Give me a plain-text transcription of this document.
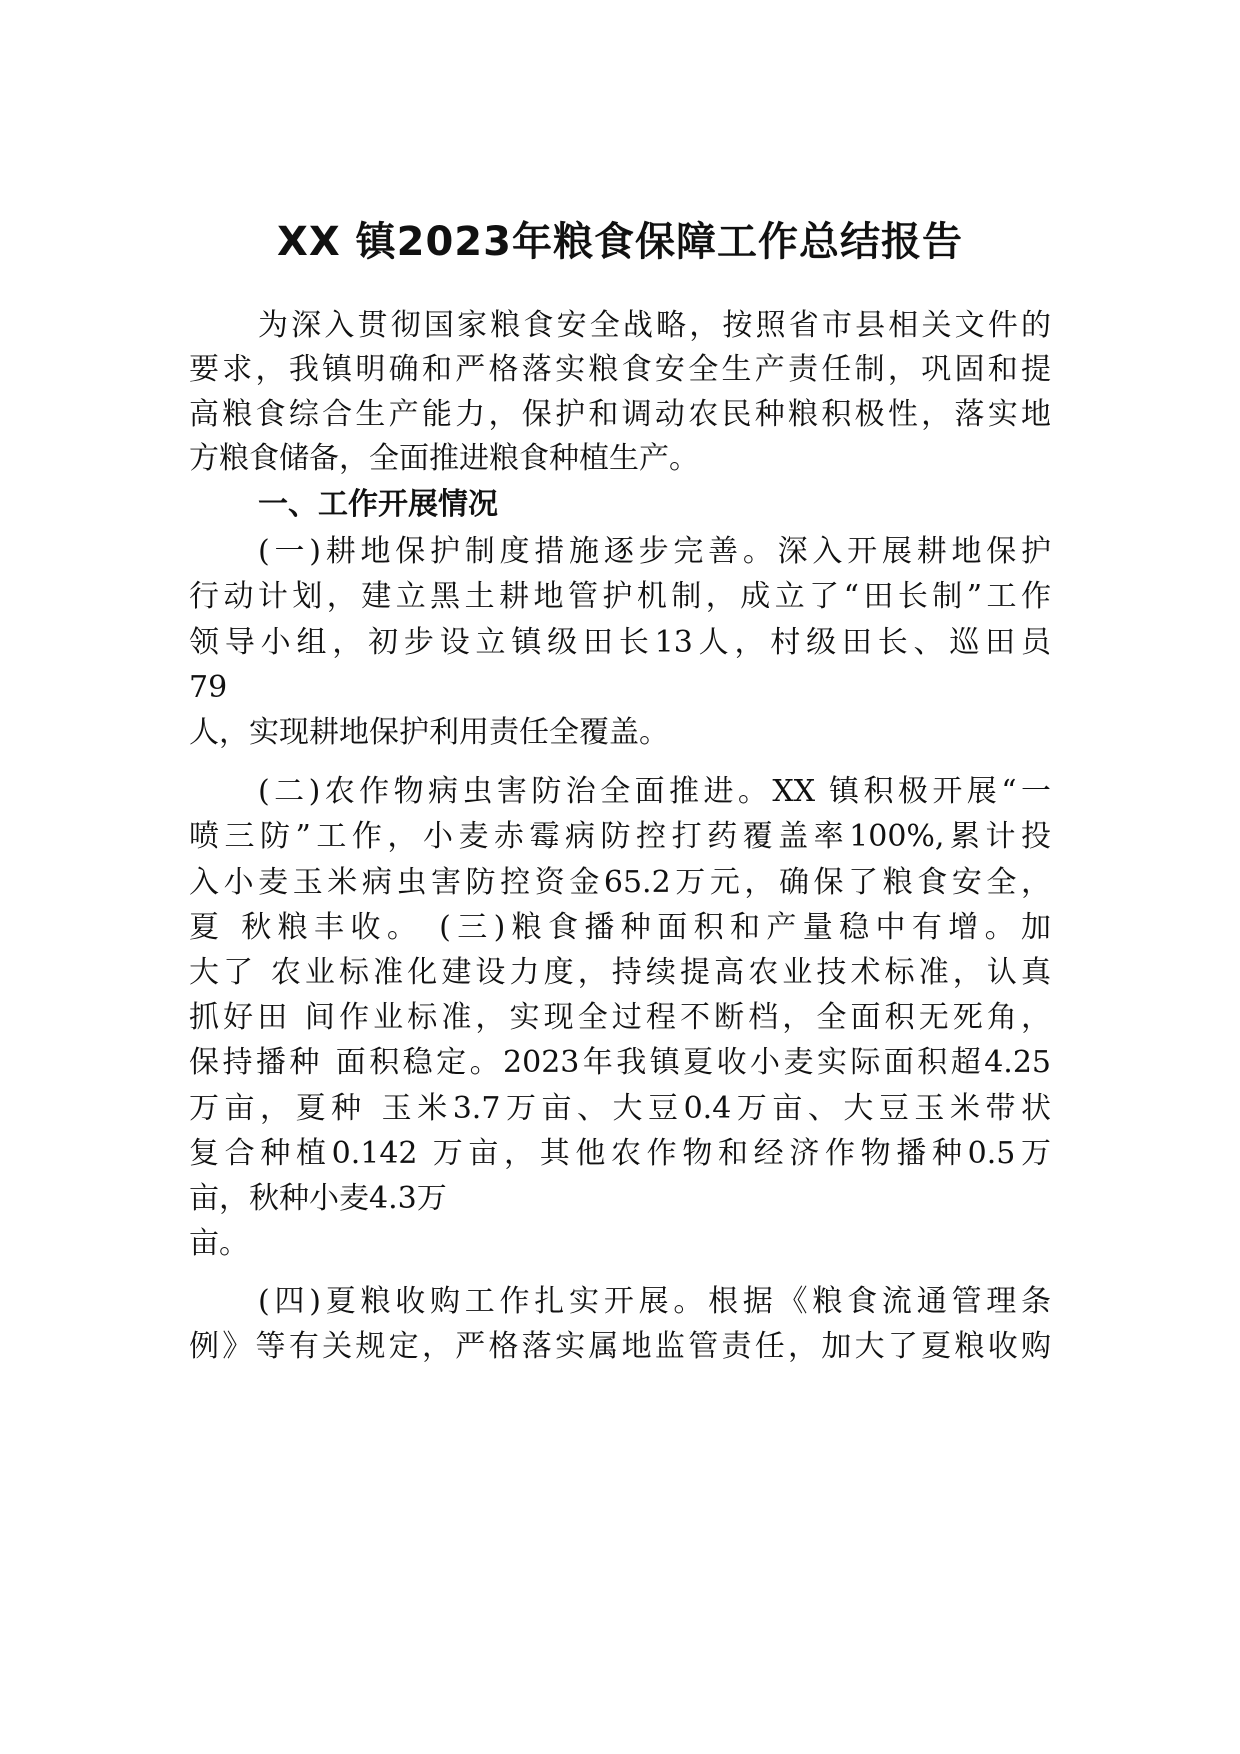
XX 镇2023年粮食保障工作总结报告

为深入贯彻国家粮食安全战略，按照省市县相关文件的

要求，我镇明确和严格落实粮食安全生产责任制，巩固和提

高粮食综合生产能力，保护和调动农民种粮积极性，落实地

方粮食储备，全面推进粮食种植生产。

一、工作开展情况

(一)耕地保护制度措施逐步完善。深入开展耕地保护

行动计划，建立黑土耕地管护机制，成立了“田长制”工作

领导小组，初步设立镇级田长13人，村级田长、巡田员

79

人，实现耕地保护利用责任全覆盖。

(二)农作物病虫害防治全面推进。XX 镇积极开展“一

喷三防”工作，小麦赤霉病防控打药覆盖率100%,累计投

入小麦玉米病虫害防控资金65.2万元，确保了粮食安全，

夏 秋粮丰收。 (三)粮食播种面积和产量稳中有增。加

大了 农业标准化建设力度，持续提高农业技术标准，认真

抓好田 间作业标准，实现全过程不断档，全面积无死角，

保持播种 面积稳定。2023年我镇夏收小麦实际面积超4.25

万亩，夏种 玉米3.7万亩、大豆0.4万亩、大豆玉米带状

复合种植0.142 万亩，其他农作物和经济作物播种0.5万

亩，秋种小麦4.3万

亩。

(四)夏粮收购工作扎实开展。根据《粮食流通管理条

例》等有关规定，严格落实属地监管责任，加大了夏粮收购
